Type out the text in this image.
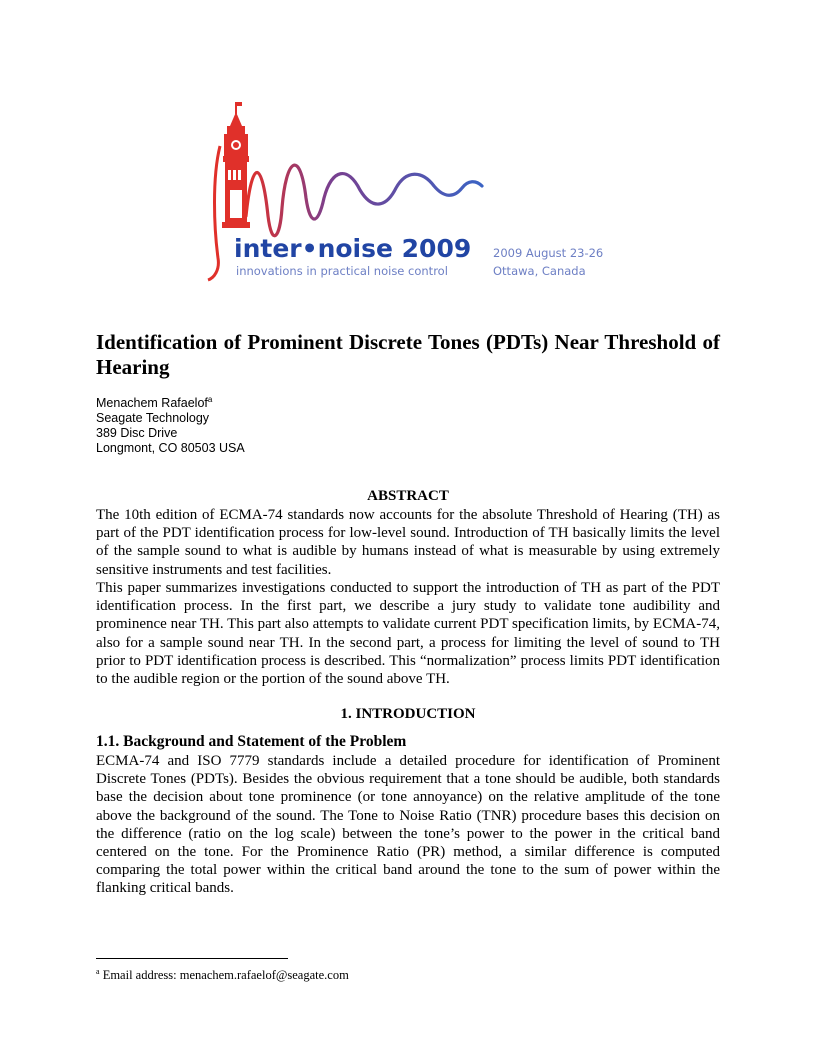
inter•noise 2009
innovations in practical noise control
2009 August 23-26
Ottawa, Canada
Identification of Prominent Discrete Tones (PDTs) Near Threshold of Hearing
Menachem Rafaelof$^a$
Seagate Technology
389 Disc Drive
Longmont, CO 80503 USA
ABSTRACT

The 10th edition of ECMA-74 standards now accounts for the absolute Threshold of Hearing (TH) as part of the PDT identification process for low-level sound. Introduction of TH basically limits the level of the sample sound to what is audible by humans instead of what is measurable by using extremely sensitive instruments and test facilities.

This paper summarizes investigations conducted to support the introduction of TH as part of the PDT identification process. In the first part, we describe a jury study to validate tone audibility and prominence near TH. This part also attempts to validate current PDT specification limits, by ECMA-74, also for a sample sound near TH. In the second part, a process for limiting the level of sound to TH prior to PDT identification process is described. This “normalization” process limits PDT identification to the audible region or the portion of the sound above TH.

1. INTRODUCTION
1.1. Background and Statement of the Problem

ECMA-74 and ISO 7779 standards include a detailed procedure for identification of Prominent Discrete Tones (PDTs). Besides the obvious requirement that a tone should be audible, both standards base the decision about tone prominence (or tone annoyance) on the relative amplitude of the tone above the background of the sound. The Tone to Noise Ratio (TNR) procedure bases this decision on the difference (ratio on the log scale) between the tone’s power to the power in the critical band centered on the tone. For the Prominence Ratio (PR) method, a similar difference is computed comparing the total power within the critical band around the tone to the sum of power within the flanking critical bands.

$^a$ Email address: menachem.rafaelof@seagate.com
